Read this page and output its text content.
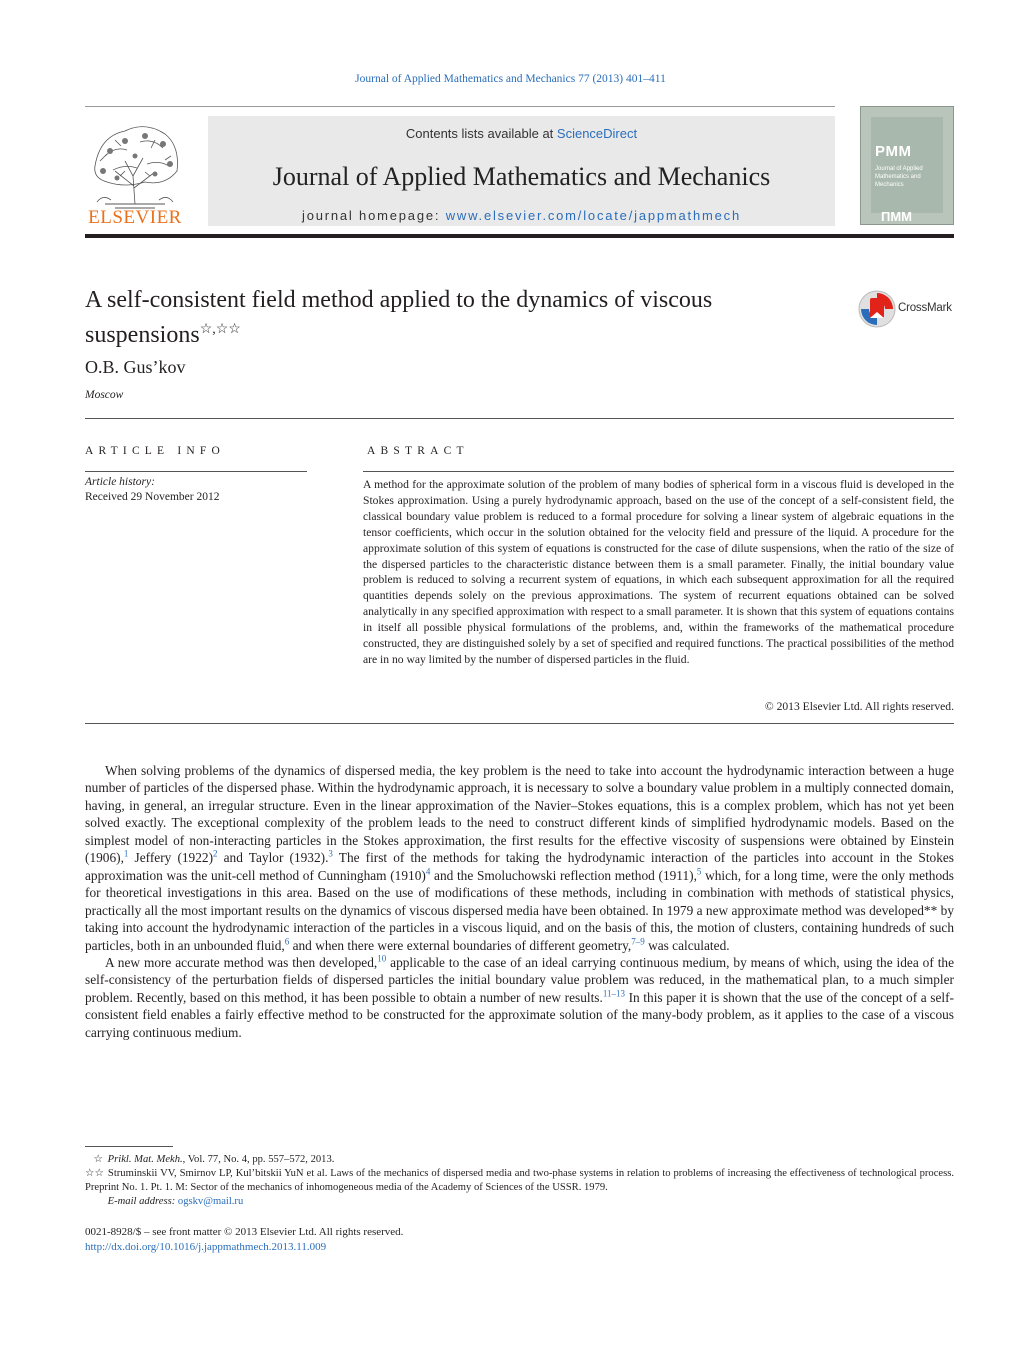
Journal of Applied Mathematics and Mechanics 77 (2013) 401–411
ELSEVIER
Contents lists available at ScienceDirect
Journal of Applied Mathematics and Mechanics
journal homepage: www.elsevier.com/locate/jappmathmech
PMM
Journal of Applied Mathematics and Mechanics
ПММ
A self-consistent field method applied to the dynamics of viscous suspensions☆,☆☆
CrossMark
O.B. Gus’kov
Moscow
ARTICLE INFO	ABSTRACT
Article history:
Received 29 November 2012
A method for the approximate solution of the problem of many bodies of spherical form in a viscous fluid is developed in the Stokes approximation. Using a purely hydrodynamic approach, based on the use of the concept of a self-consistent field, the classical boundary value problem is reduced to a formal procedure for solving a linear system of algebraic equations in the tensor coefficients, which occur in the solution obtained for the velocity field and pressure of the liquid. A procedure for the approximate solution of this system of equations is constructed for the case of dilute suspensions, when the ratio of the size of the dispersed particles to the characteristic distance between them is a small parameter. Finally, the initial boundary value problem is reduced to solving a recurrent system of equations, in which each subsequent approximation for all the required quantities depends solely on the previous approximations. The system of recurrent equations obtained can be solved analytically in any specified approximation with respect to a small parameter. It is shown that this system of equations contains in itself all possible physical formulations of the problems, and, within the frameworks of the mathematical procedure constructed, they are distinguished solely by a set of specified and required functions. The practical possibilities of the method are in no way limited by the number of dispersed particles in the fluid.
© 2013 Elsevier Ltd. All rights reserved.

When solving problems of the dynamics of dispersed media, the key problem is the need to take into account the hydrodynamic interaction between a huge number of particles of the dispersed phase. Within the hydrodynamic approach, it is necessary to solve a boundary value problem in a multiply connected domain, having, in general, an irregular structure. Even in the linear approximation of the Navier–Stokes equations, this is a complex problem, which has not yet been solved exactly. The exceptional complexity of the problem leads to the need to construct different kinds of simplified hydrodynamic models. Based on the simplest model of non-interacting particles in the Stokes approximation, the first results for the effective viscosity of suspensions were obtained by Einstein (1906),$^1$ Jeffery $(1922)^2$ and Taylor (1932).$^3$ The first of the methods for taking the hydrodynamic interaction of the particles into account in the Stokes approximation was the unit-cell method of Cunningham $(1910)^4$ and the Smoluchowski reflection method (1911),$^5$ which, for a long time, were the only methods for theoretical investigations in this area. Based on the use of modifications of these methods, including in combination with methods of statistical physics, practically all the most important results on the dynamics of viscous dispersed media have been obtained. In 1979 a new approximate method was developed** by taking into account the hydrodynamic interaction of the particles in a viscous liquid, and on the basis of this, the motion of clusters, containing hundreds of such particles, both in an unbounded fluid,$^6$ and when there were external boundaries of different geometry,$^{7-9}$ was calculated.

A new more accurate method was then developed,$^{10}$ applicable to the case of an ideal carrying continuous medium, by means of which, using the idea of the self-consistency of the perturbation fields of dispersed particles the initial boundary value problem was reduced, in the mathematical plan, to a much simpler problem. Recently, based on this method, it has been possible to obtain a number of new results.$^{11-13}$ In this paper it is shown that the use of the concept of a self-consistent field enables a fairly effective method to be constructed for the approximate solution of the many-body problem, as it applies to the case of a viscous carrying continuous medium.

☆ Prikl. Mat. Mekh., Vol. 77, No. 4, pp. 557–572, 2013.
☆☆ Struminskii VV, Smirnov LP, Kul’bitskii YuN et al. Laws of the mechanics of dispersed media and two-phase systems in relation to problems of increasing the effectiveness of technological process. Preprint No. 1. Pt. 1. M: Sector of the mechanics of inhomogeneous media of the Academy of Sciences of the USSR. 1979.
E-mail address: ogskv@mail.ru
0021-8928/$ – see front matter © 2013 Elsevier Ltd. All rights reserved.
http://dx.doi.org/10.1016/j.jappmathmech.2013.11.009
